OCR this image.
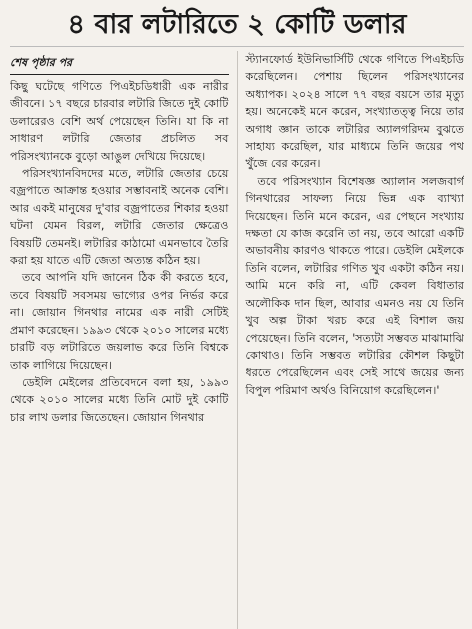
৪ বার লটারিতে ২ কোটি ডলার
শেষ পৃষ্ঠার পর

কিছু ঘটেছে গণিতে পিএইচডিধারী এক নারীর জীবনে। ১৭ বছরে চারবার লটারি জিতে দুই কোটি ডলারেরও বেশি অর্থ পেয়েছেন তিনি। যা কি না সাধারণ লটারি জেতার প্রচলিত সব পরিসংখ্যানকে বুড়ো আঙুল দেখিয়ে দিয়েছে।

পরিসংখ্যানবিদদের মতে, লটারি জেতার চেয়ে বজ্রপাতে আক্রান্ত হওয়ার সম্ভাবনাই অনেক বেশি। আর একই মানুষের দু'বার বজ্রপাতের শিকার হওয়া ঘটনা যেমন বিরল, লটারি জেতার ক্ষেত্রেও বিষয়টি তেমনই। লটারির কাঠামো এমনভাবে তৈরি করা হয় যাতে এটি জেতা অত্যন্ত কঠিন হয়।

তবে আপনি যদি জানেন ঠিক কী করতে হবে, তবে বিষয়টি সবসময় ভাগ্যের ওপর নির্ভর করে না। জোয়ান গিনথার নামের এক নারী সেটিই প্রমাণ করেছেন। ১৯৯৩ থেকে ২০১০ সালের মধ্যে চারটি বড় লটারিতে জয়লাভ করে তিনি বিশ্বকে তাক লাগিয়ে দিয়েছেন।

ডেইলি মেইলের প্রতিবেদনে বলা হয়, ১৯৯৩ থেকে ২০১০ সালের মধ্যে তিনি মোট দুই কোটি চার লাখ ডলার জিতেছেন। জোয়ান গিনথার

স্ট্যানফোর্ড ইউনিভার্সিটি থেকে গণিতে পিএইচডি করেছিলেন। পেশায় ছিলেন পরিসংখ্যানের অধ্যাপক। ২০২৪ সালে ৭৭ বছর বয়সে তার মৃত্যু হয়। অনেকেই মনে করেন, সংখ্যাতত্ত্ব নিয়ে তার অগাধ জ্ঞান তাকে লটারির অ্যালগরিদম বুঝতে সাহায্য করেছিল, যার মাধ্যমে তিনি জয়ের পথ খুঁজে বের করেন।

তবে পরিসংখ্যান বিশেষজ্ঞ অ্যালান সলজবার্গ গিনথারের সাফল্য নিয়ে ভিন্ন এক ব্যাখ্যা দিয়েছেন। তিনি মনে করেন, এর পেছনে সংখ্যায় দক্ষতা যে কাজ করেনি তা নয়, তবে আরো একটি অভাবনীয় কারণও থাকতে পারে। ডেইলি মেইলকে তিনি বলেন, লটারির গণিত খুব একটা কঠিন নয়। আমি মনে করি না, এটি কেবল বিধাতার অলৌকিক দান ছিল, আবার এমনও নয় যে তিনি খুব অল্প টাকা খরচ করে এই বিশাল জয় পেয়েছেন। তিনি বলেন, 'সত্যটা সম্ভবত মাঝামাঝি কোথাও। তিনি সম্ভবত লটারির কৌশল কিছুটা ধরতে পেরেছিলেন এবং সেই সাথে জয়ের জন্য বিপুল পরিমাণ অর্থও বিনিয়োগ করেছিলেন।'
